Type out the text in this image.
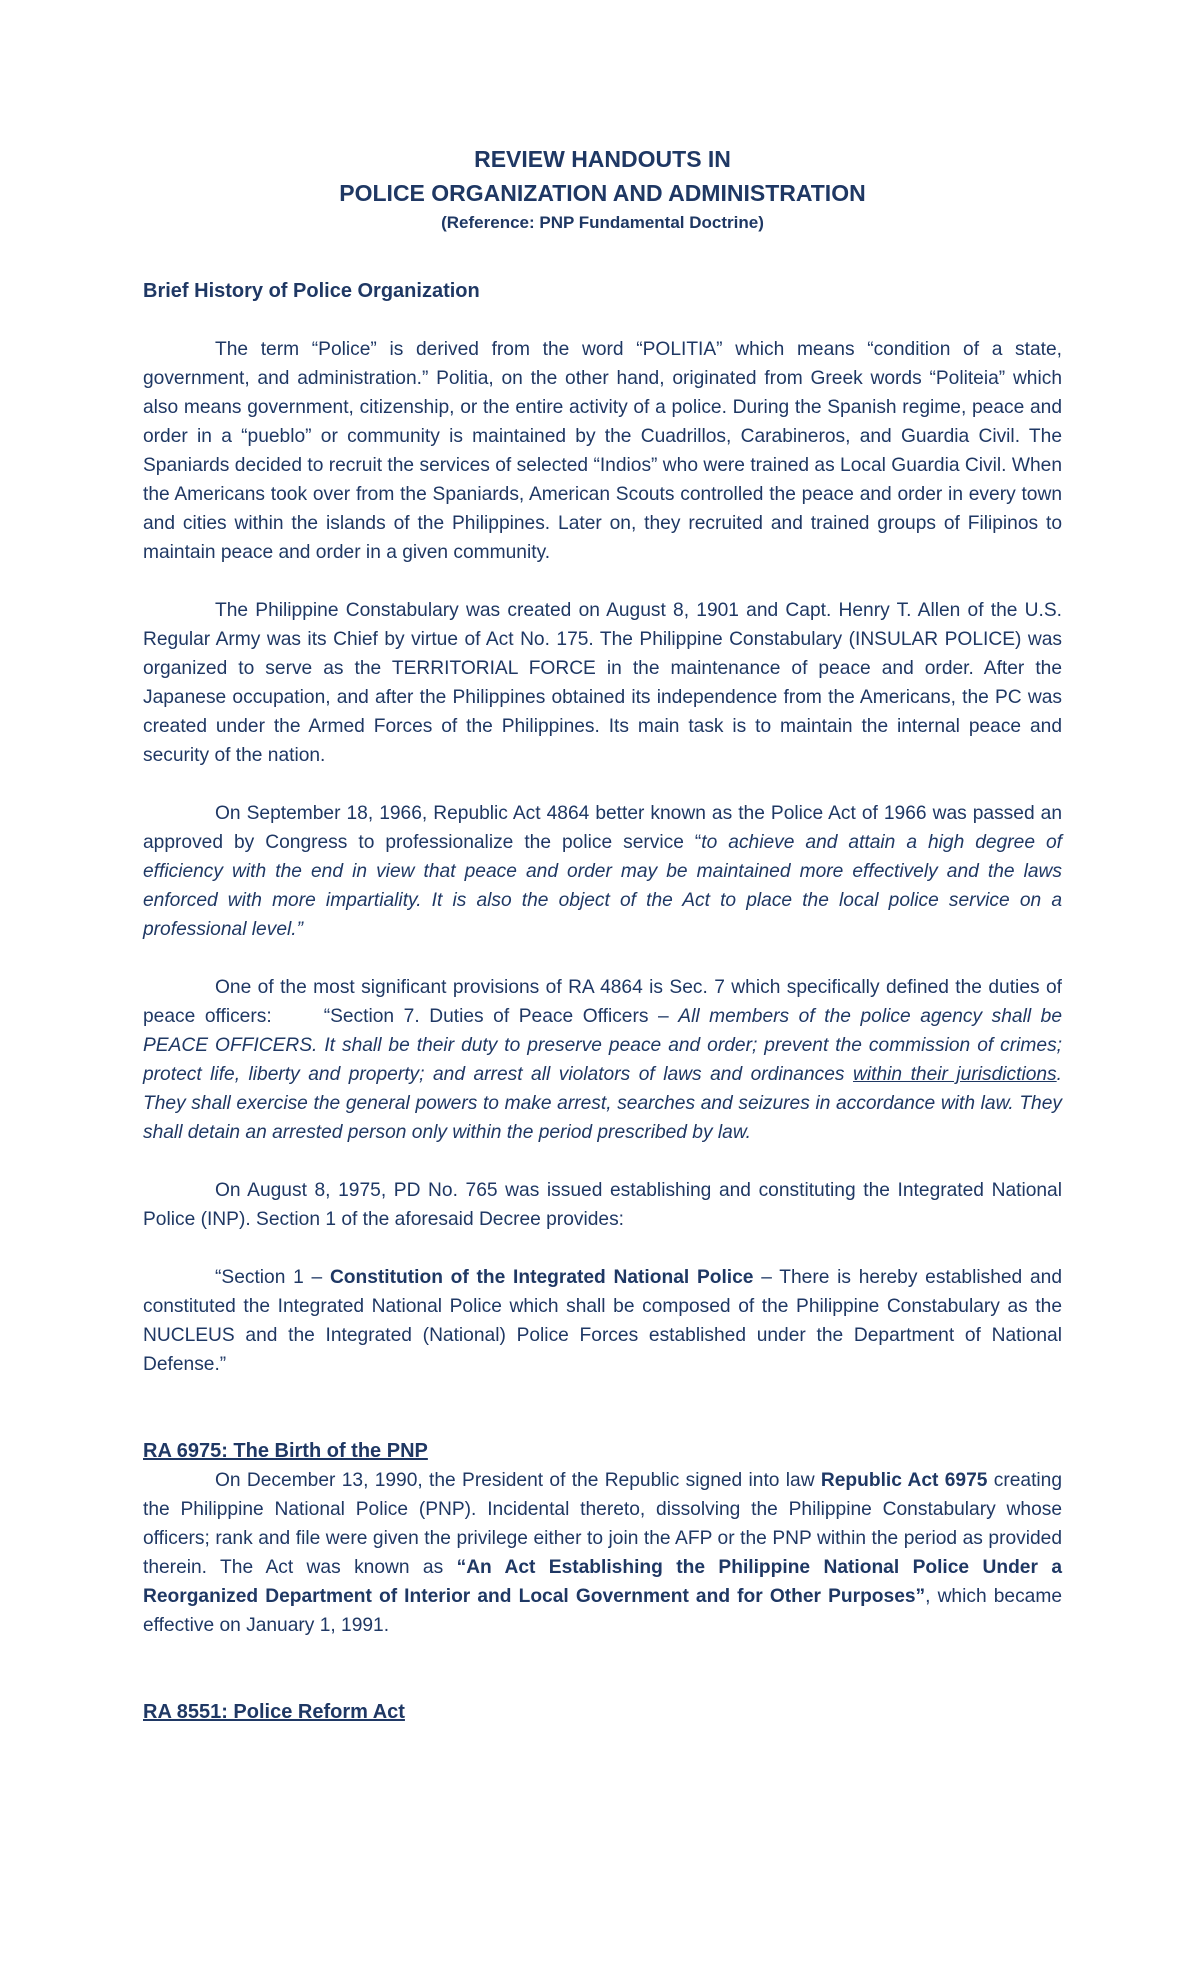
REVIEW HANDOUTS IN
POLICE ORGANIZATION AND ADMINISTRATION
(Reference: PNP Fundamental Doctrine)
Brief History of Police Organization

The term “Police” is derived from the word “POLITIA” which means “condition of a state, government, and administration.” Politia, on the other hand, originated from Greek words “Politeia” which also means government, citizenship, or the entire activity of a police. During the Spanish regime, peace and order in a “pueblo” or community is maintained by the Cuadrillos, Carabineros, and Guardia Civil. The Spaniards decided to recruit the services of selected “Indios” who were trained as Local Guardia Civil. When the Americans took over from the Spaniards, American Scouts controlled the peace and order in every town and cities within the islands of the Philippines. Later on, they recruited and trained groups of Filipinos to maintain peace and order in a given community.

The Philippine Constabulary was created on August 8, 1901 and Capt. Henry T. Allen of the U.S. Regular Army was its Chief by virtue of Act No. 175. The Philippine Constabulary (INSULAR POLICE) was organized to serve as the TERRITORIAL FORCE in the maintenance of peace and order. After the Japanese occupation, and after the Philippines obtained its independence from the Americans, the PC was created under the Armed Forces of the Philippines. Its main task is to maintain the internal peace and security of the nation.

On September 18, 1966, Republic Act 4864 better known as the Police Act of 1966 was passed an approved by Congress to professionalize the police service “to achieve and attain a high degree of efficiency with the end in view that peace and order may be maintained more effectively and the laws enforced with more impartiality. It is also the object of the Act to place the local police service on a professional level.”

One of the most significant provisions of RA 4864 is Sec. 7 which specifically defined the duties of peace officers:	“Section 7. Duties of Peace Officers – All members of the police agency shall be PEACE OFFICERS. It shall be their duty to preserve peace and order; prevent the commission of crimes; protect life, liberty and property; and arrest all violators of laws and ordinances within their jurisdictions. They shall exercise the general powers to make arrest, searches and seizures in accordance with law. They shall detain an arrested person only within the period prescribed by law.

On August 8, 1975, PD No. 765 was issued establishing and constituting the Integrated National Police (INP). Section 1 of the aforesaid Decree provides:

“Section 1 – Constitution of the Integrated National Police – There is hereby established and constituted the Integrated National Police which shall be composed of the Philippine Constabulary as the NUCLEUS and the Integrated (National) Police Forces established under the Department of National Defense.”

RA 6975: The Birth of the PNP

On December 13, 1990, the President of the Republic signed into law Republic Act 6975 creating the Philippine National Police (PNP). Incidental thereto, dissolving the Philippine Constabulary whose officers; rank and file were given the privilege either to join the AFP or the PNP within the period as provided therein. The Act was known as “An Act Establishing the Philippine National Police Under a Reorganized Department of Interior and Local Government and for Other Purposes”, which became effective on January 1, 1991.

RA 8551: Police Reform Act
